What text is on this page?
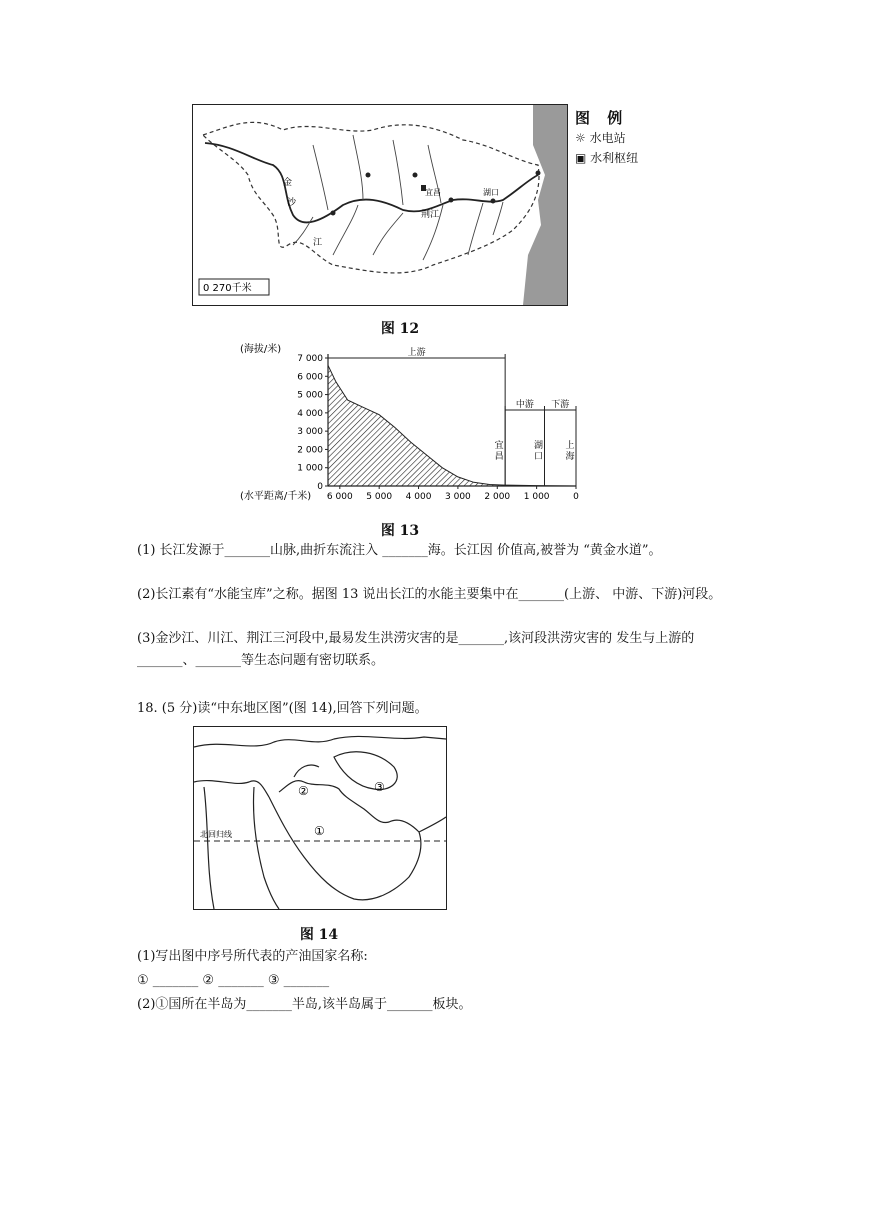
金
沙
江
宜昌
荆江
湖口
0 270千米
图 例
☼ 水电站
▣ 水利枢纽
图 12
(海拔/米)
(水平距离/千米)
0
1 000
2 000
3 000
4 000
5 000
6 000
7 000
6 000 5 000 4 000 3 000 2 000 1 000	0
上游
中游 下游
宜
昌
湖
口
上
海
图 13
(1) 长江发源于_______山脉,曲折东流注入 _______海。长江因 价值高,被誉为 “黄金水道”。
(2)长江素有“水能宝库”之称。据图 13 说出长江的水能主要集中在_______(上游、 中游、下游)河段。
(3)金沙江、川江、荆江三河段中,最易发生洪涝灾害的是_______,该河段洪涝灾害的 发生与上游的_______、_______等生态问题有密切联系。
18. (5 分)读“中东地区图”(图 14),回答下列问题。
北回归线	①
②	③
图 14
(1)写出图中序号所代表的产油国家名称:
① _______ ② _______ ③ _______
(2)①国所在半岛为_______半岛,该半岛属于_______板块。
